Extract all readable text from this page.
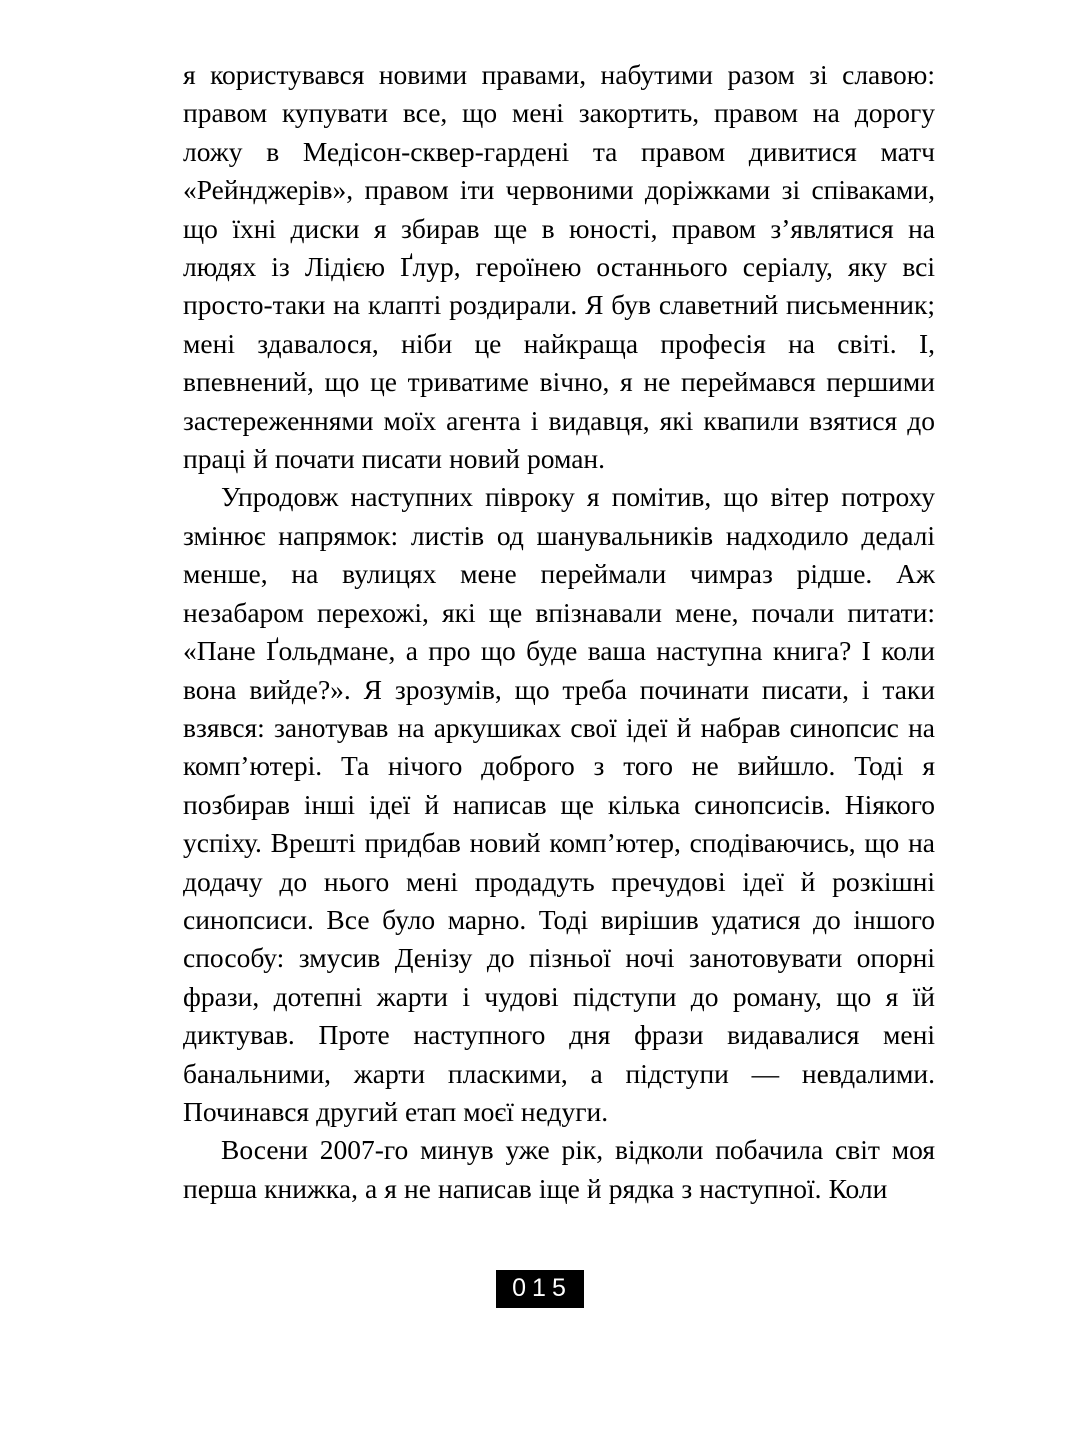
я користувався новими правами, набутими разом зі славою: правом купувати все, що мені закортить, правом на дорогу ложу в Медісон-сквер-гардені та правом дивитися матч «Рейнджерів», правом іти червоними доріжками зі співаками, що їхні диски я збирав ще в юності, правом з’являтися на людях із Лідією Ґлур, героїнею останнього серіалу, яку всі просто-таки на клапті роздирали. Я був славетний письменник; мені здавалося, ніби це найкраща професія на світі. І, впевнений, що це триватиме вічно, я не переймався першими застереженнями моїх агента і видавця, які квапили взятися до праці й почати писати новий роман.

Упродовж наступних півроку я помітив, що вітер потроху змінює напрямок: листів од шанувальників надходило дедалі менше, на вулицях мене переймали чимраз рідше. Аж незабаром перехожі, які ще впізнавали мене, почали питати: «Пане Ґольдмане, а про що буде ваша наступна книга? І коли вона вийде?». Я зрозумів, що треба починати писати, і таки взявся: занотував на аркушиках свої ідеї й набрав синопсис на комп’ютері. Та нічого доброго з того не вийшло. Тоді я позбирав інші ідеї й написав ще кілька синопсисів. Ніякого успіху. Врешті придбав новий комп’ютер, сподіваючись, що на додачу до нього мені продадуть пречудові ідеї й розкішні синопсиси. Все було марно. Тоді вирішив удатися до іншого способу: змусив Денізу до пізньої ночі занотовувати опорні фрази, дотепні жарти і чудові підступи до роману, що я їй диктував. Проте наступного дня фрази видавалися мені банальними, жарти пласкими, а підступи — невдалими. Починався другий етап моєї недуги.

Восени 2007-го минув уже рік, відколи побачила світ моя перша книжка, а я не написав іще й рядка з наступної. Коли

015
